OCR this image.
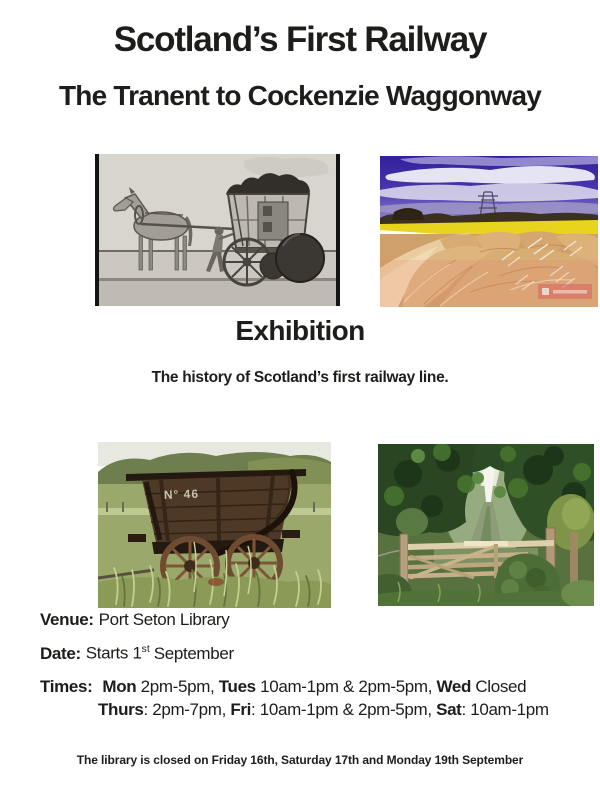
Scotland’s First Railway
The Tranent to Cockenzie Waggonway
Exhibition

The history of Scotland’s first railway line.

N° 46

Venue: Port Seton Library

Date: Starts 1st September

Times: Mon 2pm-5pm, Tues 10am-1pm & 2pm-5pm, Wed Closed

Thurs: 2pm-7pm, Fri: 10am-1pm & 2pm-5pm, Sat: 10am-1pm

The library is closed on Friday 16th, Saturday 17th and Monday 19th September
